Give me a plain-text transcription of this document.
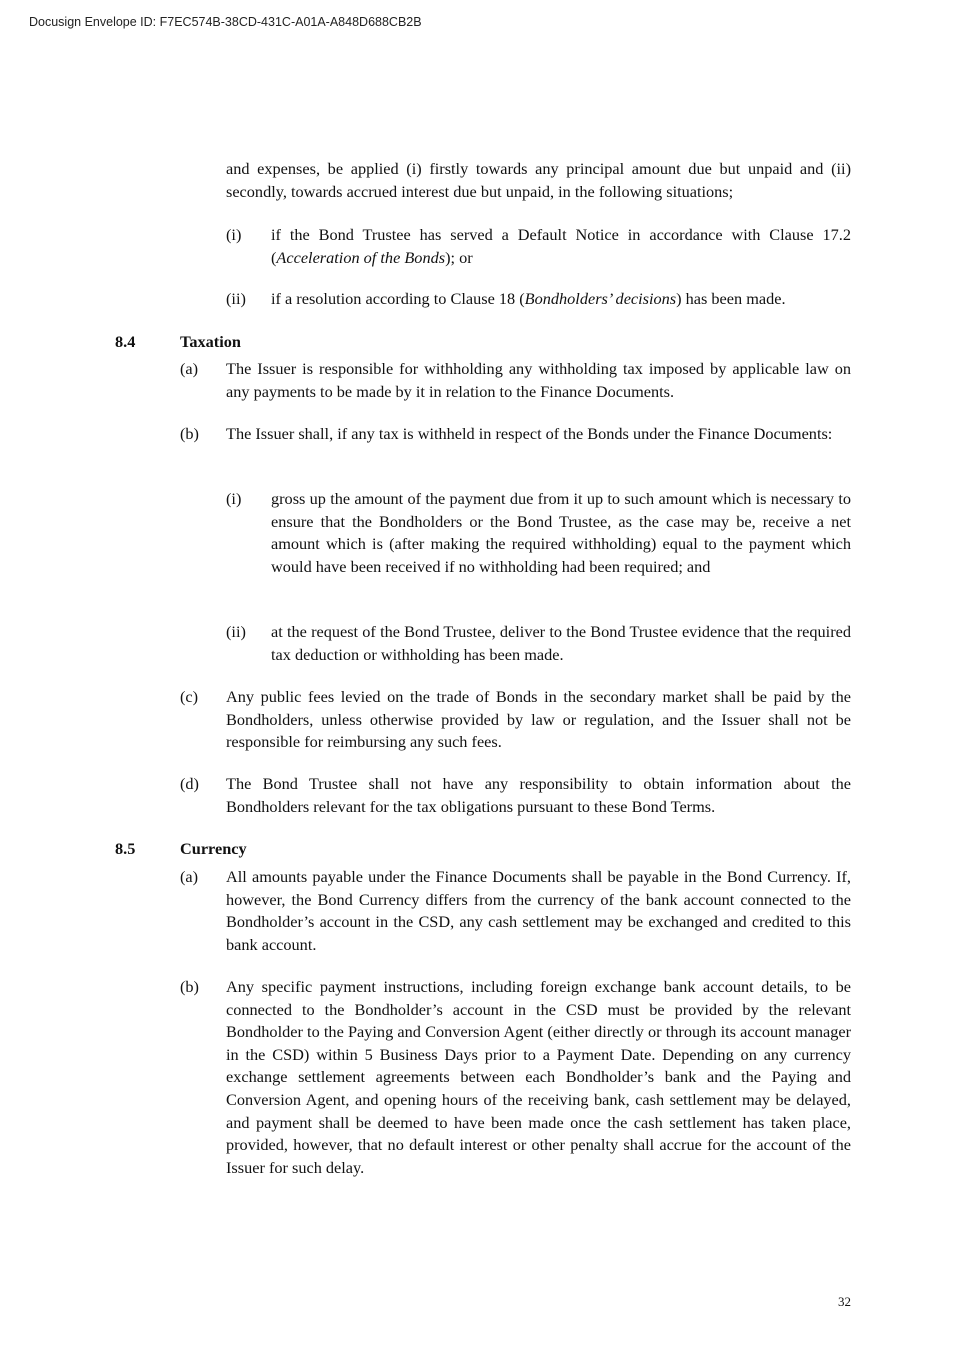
Docusign Envelope ID: F7EC574B-38CD-431C-A01A-A848D688CB2B

and expenses, be applied (i) firstly towards any principal amount due but unpaid and (ii) secondly, towards accrued interest due but unpaid, in the following situations;

(i) if the Bond Trustee has served a Default Notice in accordance with Clause 17.2 (Acceleration of the Bonds); or

(ii) if a resolution according to Clause 18 (Bondholders’ decisions) has been made.

8.4	Taxation
(a) The Issuer is responsible for withholding any withholding tax imposed by applicable law on any payments to be made by it in relation to the Finance Documents.

(b) The Issuer shall, if any tax is withheld in respect of the Bonds under the Finance Documents:

(i) gross up the amount of the payment due from it up to such amount which is necessary to ensure that the Bondholders or the Bond Trustee, as the case may be, receive a net amount which is (after making the required withholding) equal to the payment which would have been received if no withholding had been required; and

(ii) at the request of the Bond Trustee, deliver to the Bond Trustee evidence that the required tax deduction or withholding has been made.

(c) Any public fees levied on the trade of Bonds in the secondary market shall be paid by the Bondholders, unless otherwise provided by law or regulation, and the Issuer shall not be responsible for reimbursing any such fees.

(d) The Bond Trustee shall not have any responsibility to obtain information about the Bondholders relevant for the tax obligations pursuant to these Bond Terms.

8.5	Currency
(a) All amounts payable under the Finance Documents shall be payable in the Bond Currency. If, however, the Bond Currency differs from the currency of the bank account connected to the Bondholder’s account in the CSD, any cash settlement may be exchanged and credited to this bank account.

(b) Any specific payment instructions, including foreign exchange bank account details, to be connected to the Bondholder’s account in the CSD must be provided by the relevant Bondholder to the Paying and Conversion Agent (either directly or through its account manager in the CSD) within 5 Business Days prior to a Payment Date. Depending on any currency exchange settlement agreements between each Bondholder’s bank and the Paying and Conversion Agent, and opening hours of the receiving bank, cash settlement may be delayed, and payment shall be deemed to have been made once the cash settlement has taken place, provided, however, that no default interest or other penalty shall accrue for the account of the Issuer for such delay.

32
